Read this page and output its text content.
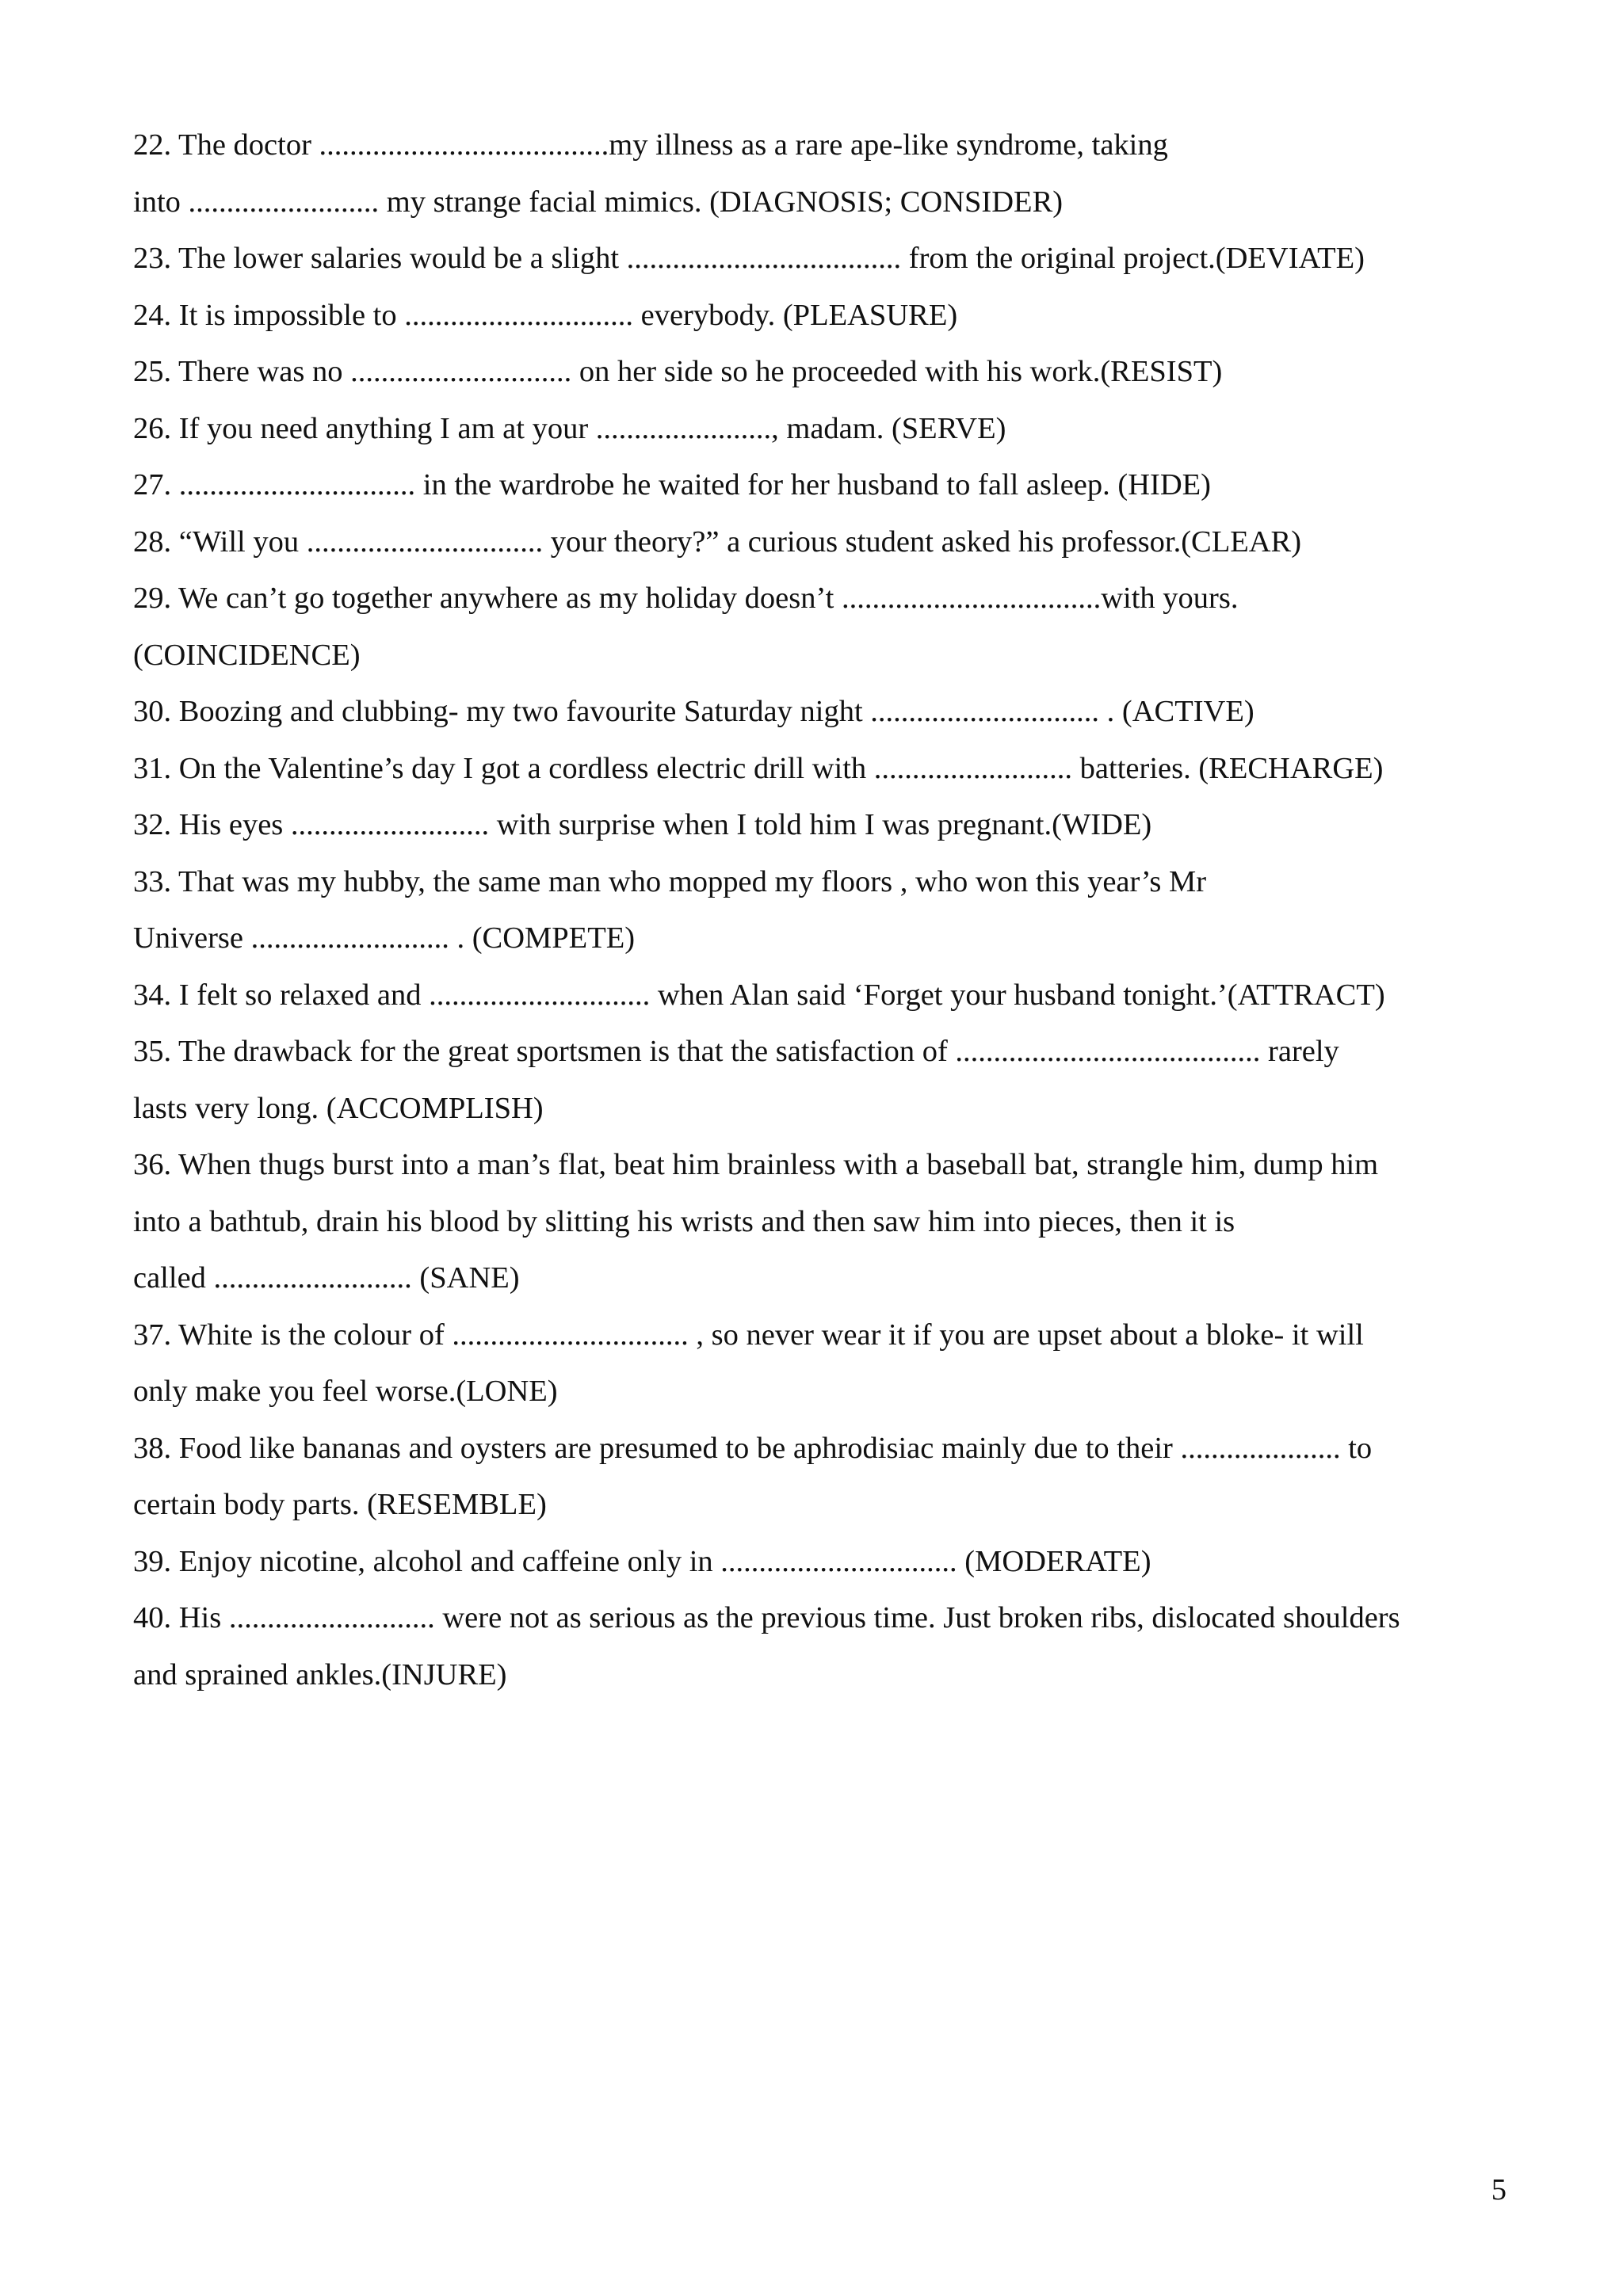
22. The doctor ......................................my illness as a rare ape-like syndrome, taking
into ......................... my strange facial mimics. (DIAGNOSIS; CONSIDER)
23. The lower salaries would be a slight .................................... from the original project.(DEVIATE)
24. It is impossible to .............................. everybody. (PLEASURE)
25. There was no ............................. on her side so he proceeded with his work.(RESIST)
26. If you need anything I am at your ......................., madam. (SERVE)
27. ............................... in the wardrobe he waited for her husband to fall asleep. (HIDE)
28. “Will you ............................... your theory?” a curious student asked his professor.(CLEAR)
29. We can’t go together anywhere as my holiday doesn’t ..................................with yours.
(COINCIDENCE)
30. Boozing and clubbing- my two favourite Saturday night .............................. . (ACTIVE)
31. On the Valentine’s day I got a cordless electric drill with .......................... batteries. (RECHARGE)
32. His eyes .......................... with surprise when I told him I was pregnant.(WIDE)
33. That was my hubby, the same man who mopped my floors , who won this year’s Mr
Universe .......................... . (COMPETE)
34. I felt so relaxed and ............................. when Alan said ‘Forget your husband tonight.’(ATTRACT)
35. The drawback for the great sportsmen is that the satisfaction of ........................................ rarely
lasts very long. (ACCOMPLISH)
36. When thugs burst into a man’s flat, beat him brainless with a baseball bat, strangle him, dump him
into a bathtub, drain his blood by slitting his wrists and then saw him into pieces, then it is
called .......................... (SANE)
37. White is the colour of ............................... , so never wear it if you are upset about a bloke- it will
only make you feel worse.(LONE)
38. Food like bananas and oysters are presumed to be aphrodisiac mainly due to their ..................... to
certain body parts. (RESEMBLE)
39. Enjoy nicotine, alcohol and caffeine only in ............................... (MODERATE)
40. His ........................... were not as serious as the previous time. Just broken ribs, dislocated shoulders
and sprained ankles.(INJURE)
5
